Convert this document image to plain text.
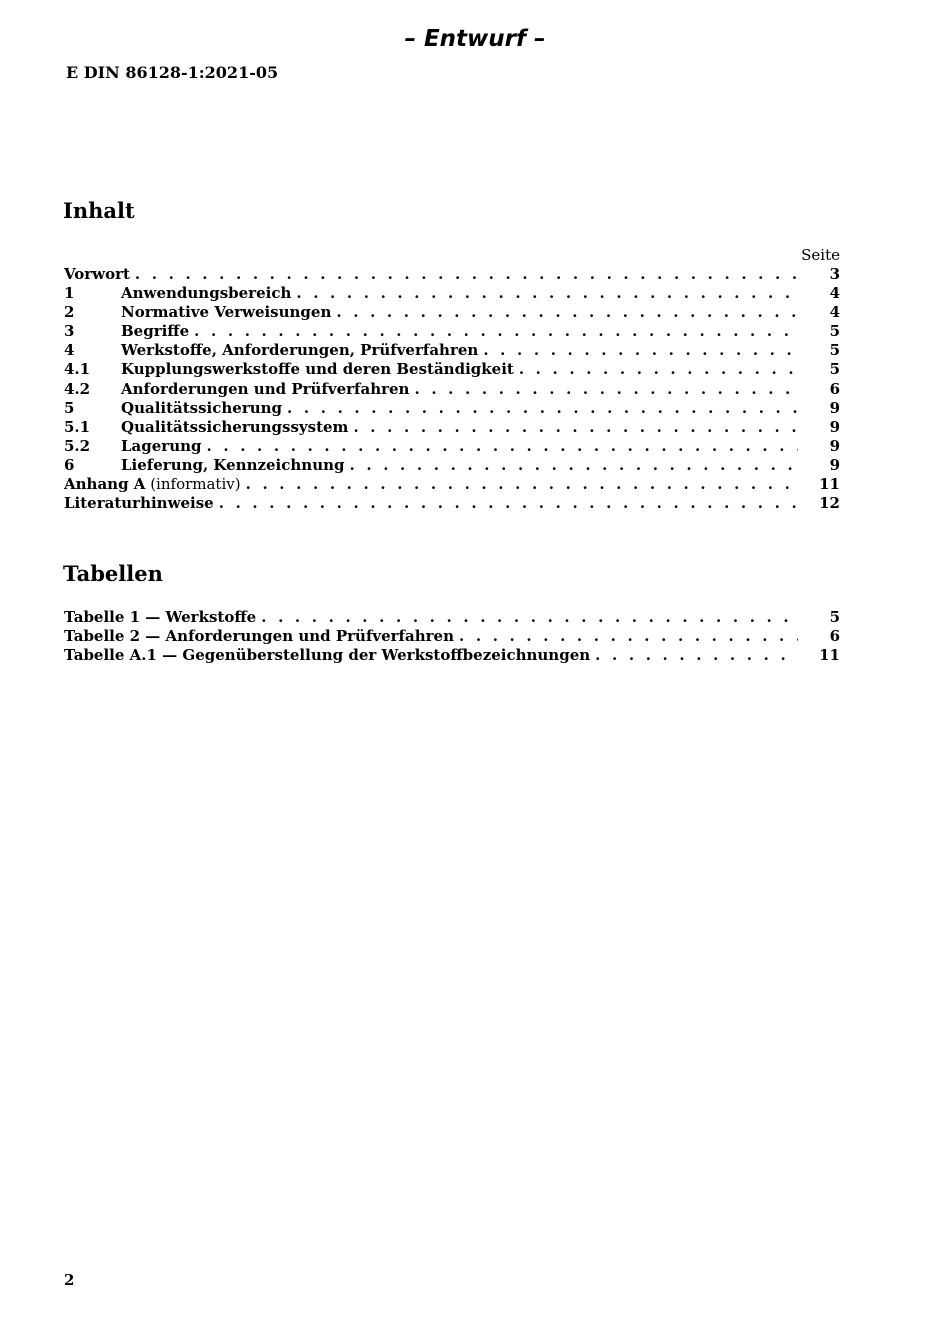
– Entwurf –
E DIN 86128-1:2021-05
Inhalt
Seite
Vorwort . . .	3
1	Anwendungsbereich . . .	4
2	Normative Verweisungen . . .	4
3	Begriffe . . .	5
4	Werkstoffe, Anforderungen, Prüfverfahren . . .	5
4.1	Kupplungswerkstoffe und deren Beständigkeit . . .	5
4.2	Anforderungen und Prüfverfahren . . .	6
5	Qualitätssicherung . . .	9
5.1	Qualitätssicherungssystem . . .	9
5.2	Lagerung . . .	9
6	Lieferung, Kennzeichnung . . .	9
Anhang A (informativ) . . .	11
Literaturhinweise . . .	12
Tabellen
Tabelle 1 — Werkstoffe . . .	5
Tabelle 2 — Anforderungen und Prüfverfahren . . .	6
Tabelle A.1 — Gegenüberstellung der Werkstoffbezeichnungen . . .	11
2
